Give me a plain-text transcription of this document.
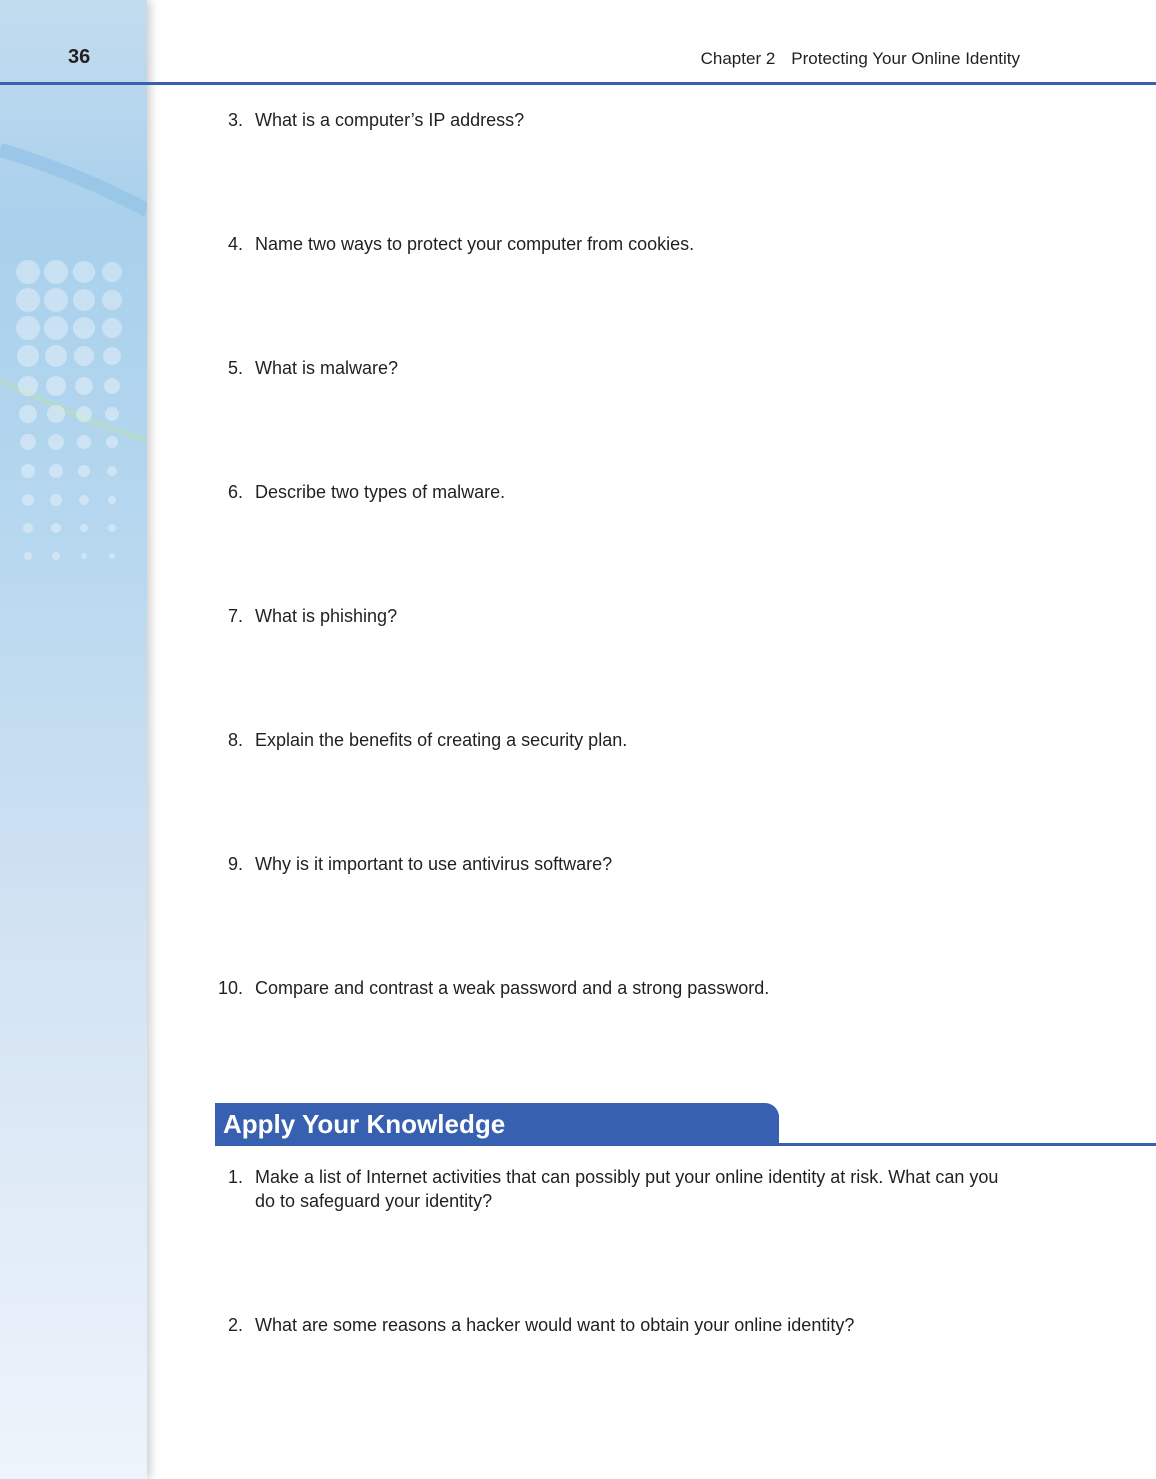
36	Chapter 2 Protecting Your Online Identity
3. What is a computer’s IP address?
4. Name two ways to protect your computer from cookies.
5. What is malware?
6. Describe two types of malware.
7. What is phishing?
8. Explain the benefits of creating a security plan.
9. Why is it important to use antivirus software?
10. Compare and contrast a weak password and a strong password.
Apply Your Knowledge
1. Make a list of Internet activities that can possibly put your online identity at risk. What can you do to safeguard your identity?
2. What are some reasons a hacker would want to obtain your online identity?
